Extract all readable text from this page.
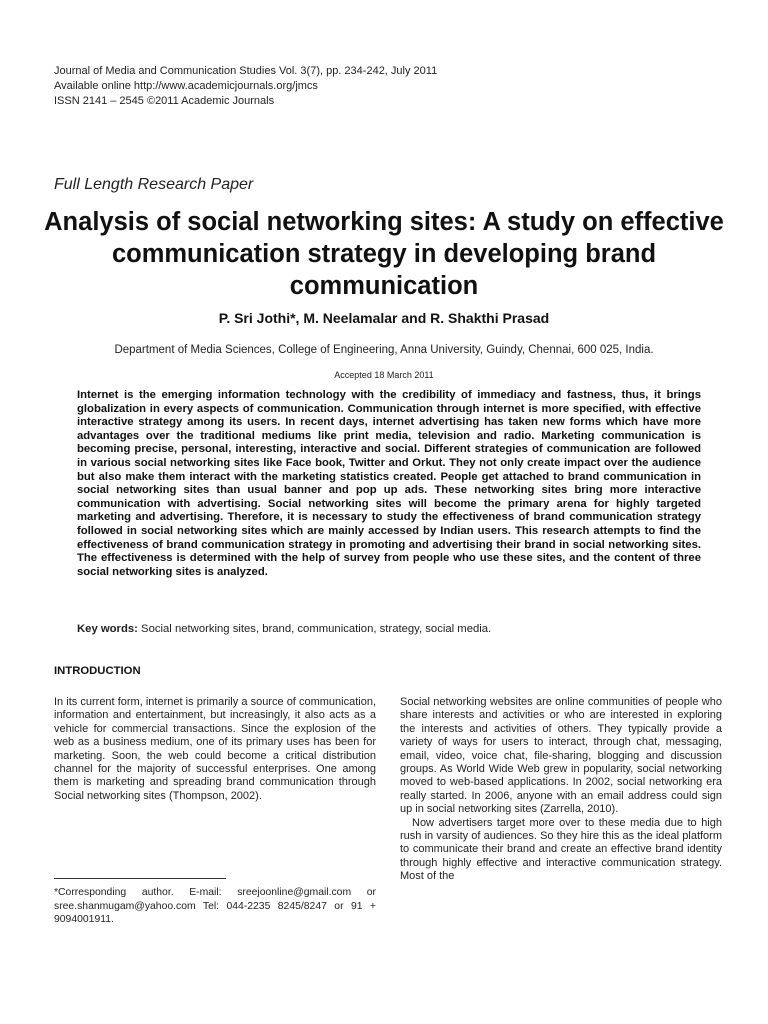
Journal of Media and Communication Studies Vol. 3(7), pp. 234-242, July 2011
Available online http://www.academicjournals.org/jmcs
ISSN 2141 – 2545 ©2011 Academic Journals
Full Length Research Paper
Analysis of social networking sites: A study on effective communication strategy in developing brand communication
P. Sri Jothi*, M. Neelamalar and R. Shakthi Prasad
Department of Media Sciences, College of Engineering, Anna University, Guindy, Chennai, 600 025, India.
Accepted 18 March 2011
Internet is the emerging information technology with the credibility of immediacy and fastness, thus, it brings globalization in every aspects of communication. Communication through internet is more specified, with effective interactive strategy among its users. In recent days, internet advertising has taken new forms which have more advantages over the traditional mediums like print media, television and radio. Marketing communication is becoming precise, personal, interesting, interactive and social. Different strategies of communication are followed in various social networking sites like Face book, Twitter and Orkut. They not only create impact over the audience but also make them interact with the marketing statistics created. People get attached to brand communication in social networking sites than usual banner and pop up ads. These networking sites bring more interactive communication with advertising. Social networking sites will become the primary arena for highly targeted marketing and advertising. Therefore, it is necessary to study the effectiveness of brand communication strategy followed in social networking sites which are mainly accessed by Indian users. This research attempts to find the effectiveness of brand communication strategy in promoting and advertising their brand in social networking sites. The effectiveness is determined with the help of survey from people who use these sites, and the content of three social networking sites is analyzed.
Key words: Social networking sites, brand, communication, strategy, social media.
INTRODUCTION

In its current form, internet is primarily a source of communication, information and entertainment, but increasingly, it also acts as a vehicle for commercial transactions. Since the explosion of the web as a business medium, one of its primary uses has been for marketing. Soon, the web could become a critical distribution channel for the majority of successful enterprises. One among them is marketing and spreading brand communication through Social networking sites (Thompson, 2002).

Social networking websites are online communities of people who share interests and activities or who are interested in exploring the interests and activities of others. They typically provide a variety of ways for users to interact, through chat, messaging, email, video, voice chat, file-sharing, blogging and discussion groups. As World Wide Web grew in popularity, social networking moved to web-based applications. In 2002, social networking era really started. In 2006, anyone with an email address could sign up in social networking sites (Zarrella, 2010).

Now advertisers target more over to these media due to high rush in varsity of audiences. So they hire this as the ideal platform to communicate their brand and create an effective brand identity through highly effective and interactive communication strategy. Most of the

*Corresponding author. E-mail: sreejoonline@gmail.com or sree.shanmugam@yahoo.com Tel: 044-2235 8245/8247 or 91 + 9094001911.
